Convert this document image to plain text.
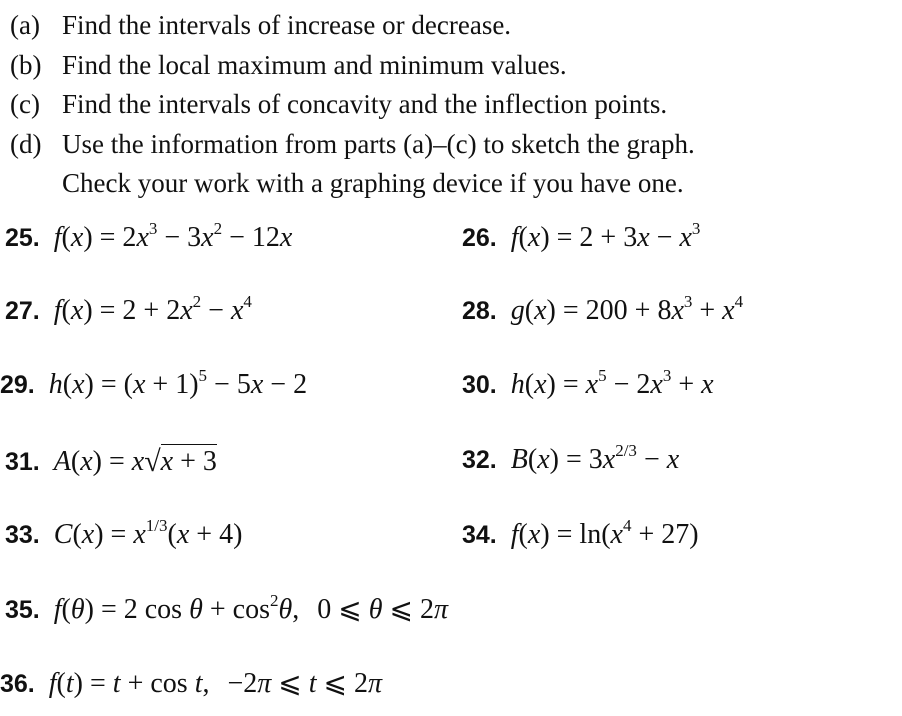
(a) Find the intervals of increase or decrease.
(b) Find the local maximum and minimum values.
(c) Find the intervals of concavity and the inflection points.
(d) Use the information from parts (a)–(c) to sketch the graph.
Check your work with a graphing device if you have one.
25. $f(x) = 2x^3 - 3x^2 - 12x$	26. $f(x) = 2 + 3x - x^3$
27. $f(x) = 2 + 2x^2 - x^4$	28. $g(x) = 200 + 8x^3 + x^4$
29. $h(x) = (x + 1)^5 - 5x - 2$	30. $h(x) = x^5 - 2x^3 + x$
31. A(x) = x√x + 3	32. $B(x) = 3x^{2/3} - x$
33. $C(x) = x^{1/3}(x + 4)$	34. $f(x) = \ln(x^4 + 27)$
35. f(θ) = 2 $\cos \theta + \cos^2\theta$, 0 ⩽ θ ⩽ 2π
36. f(t) = t + cos t, −2π ⩽ t ⩽ 2π
